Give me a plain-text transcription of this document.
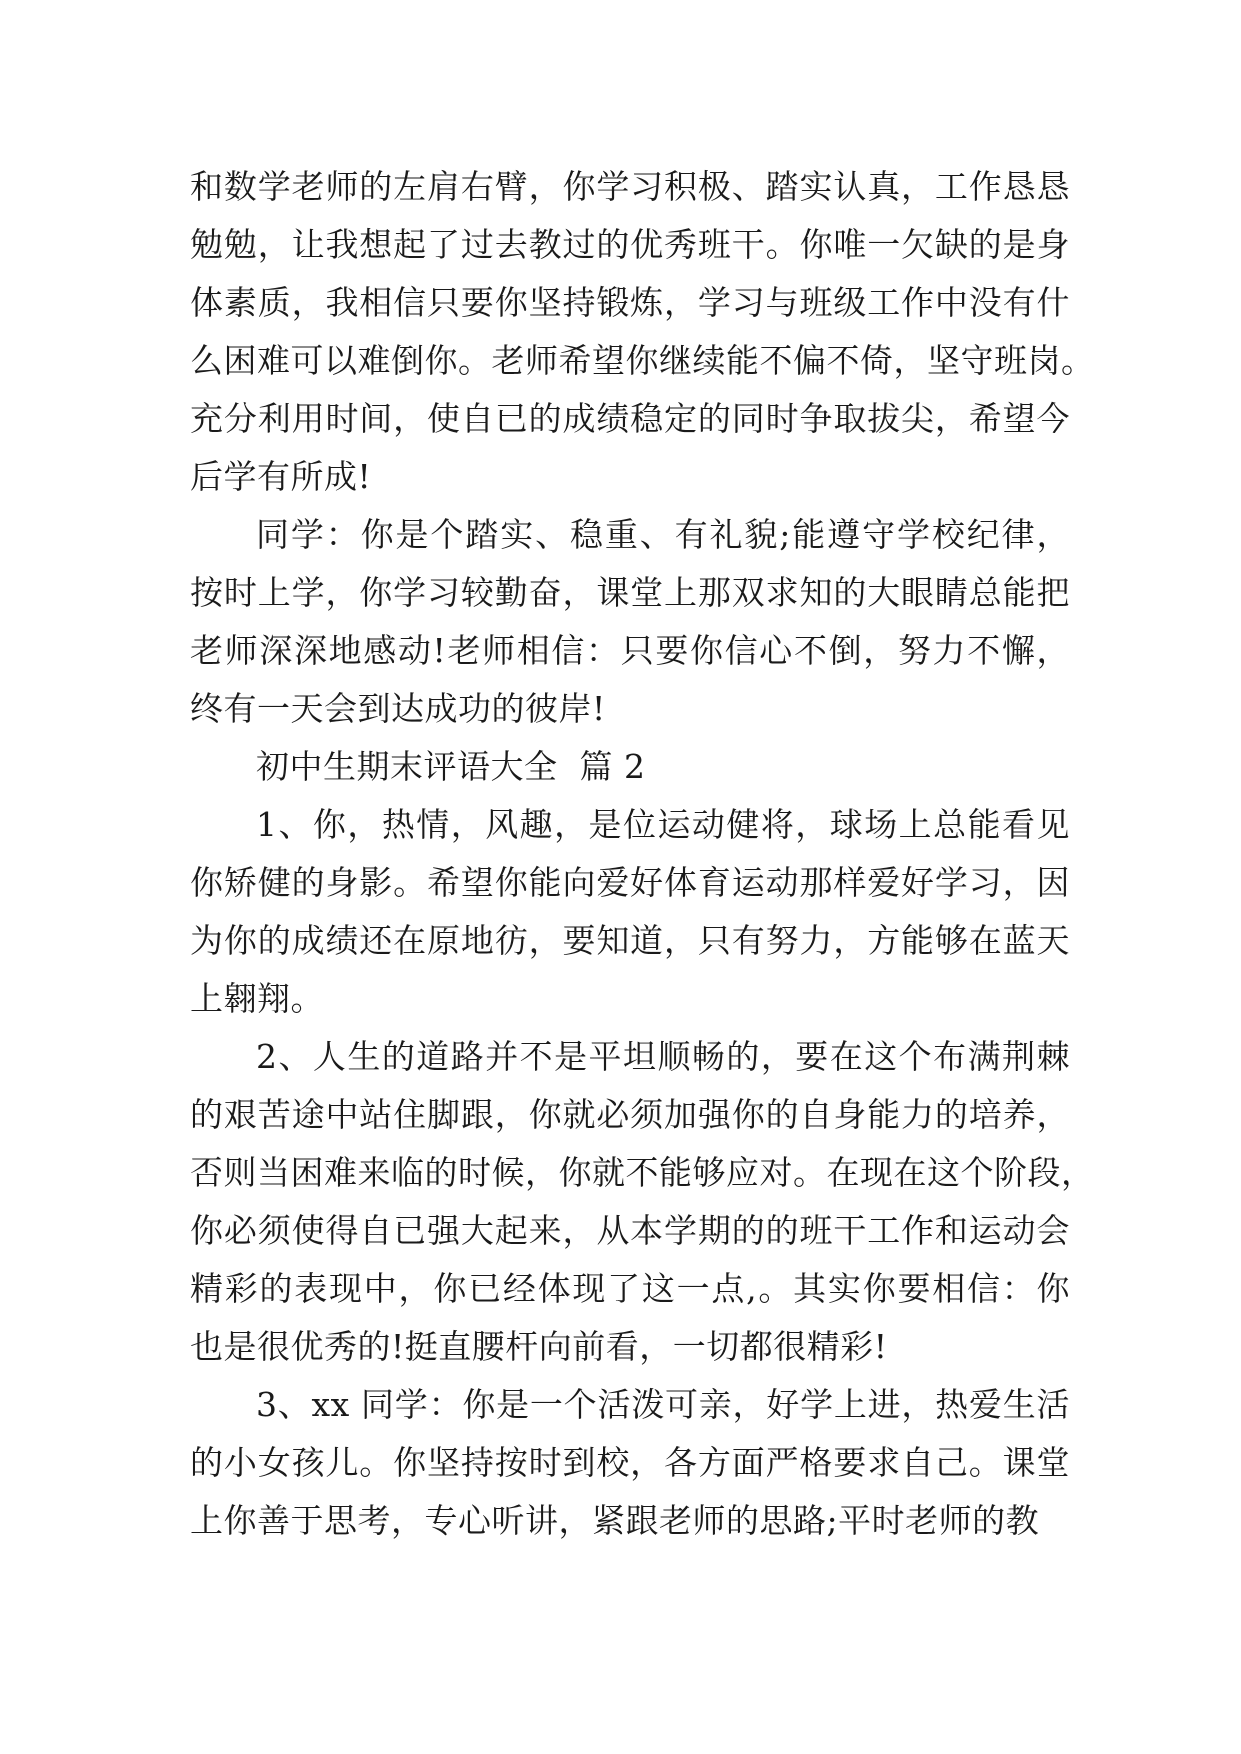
和数学老师的左肩右臂，你学习积极、踏实认真，工作恳恳
勉勉，让我想起了过去教过的优秀班干。你唯一欠缺的是身
体素质，我相信只要你坚持锻炼，学习与班级工作中没有什
么困难可以难倒你。老师希望你继续能不偏不倚，坚守班岗。
充分利用时间，使自已的成绩稳定的同时争取拔尖，希望今
后学有所成!
同学：你是个踏实、稳重、有礼貌;能遵守学校纪律，
按时上学，你学习较勤奋，课堂上那双求知的大眼睛总能把
老师深深地感动!老师相信：只要你信心不倒，努力不懈，
终有一天会到达成功的彼岸!
初中生期末评语大全  篇 2
1、你，热情，风趣，是位运动健将，球场上总能看见
你矫健的身影。希望你能向爱好体育运动那样爱好学习，因
为你的成绩还在原地彷，要知道，只有努力，方能够在蓝天
上翱翔。
2、人生的道路并不是平坦顺畅的，要在这个布满荆棘
的艰苦途中站住脚跟，你就必须加强你的自身能力的培养，
否则当困难来临的时候，你就不能够应对。在现在这个阶段，
你必须使得自已强大起来，从本学期的的班干工作和运动会
精彩的表现中，你已经体现了这一点,。其实你要相信：你
也是很优秀的!挺直腰杆向前看，一切都很精彩!
3、xx 同学：你是一个活泼可亲，好学上进，热爱生活
的小女孩儿。你坚持按时到校，各方面严格要求自己。课堂
上你善于思考，专心听讲，紧跟老师的思路;平时老师的教
